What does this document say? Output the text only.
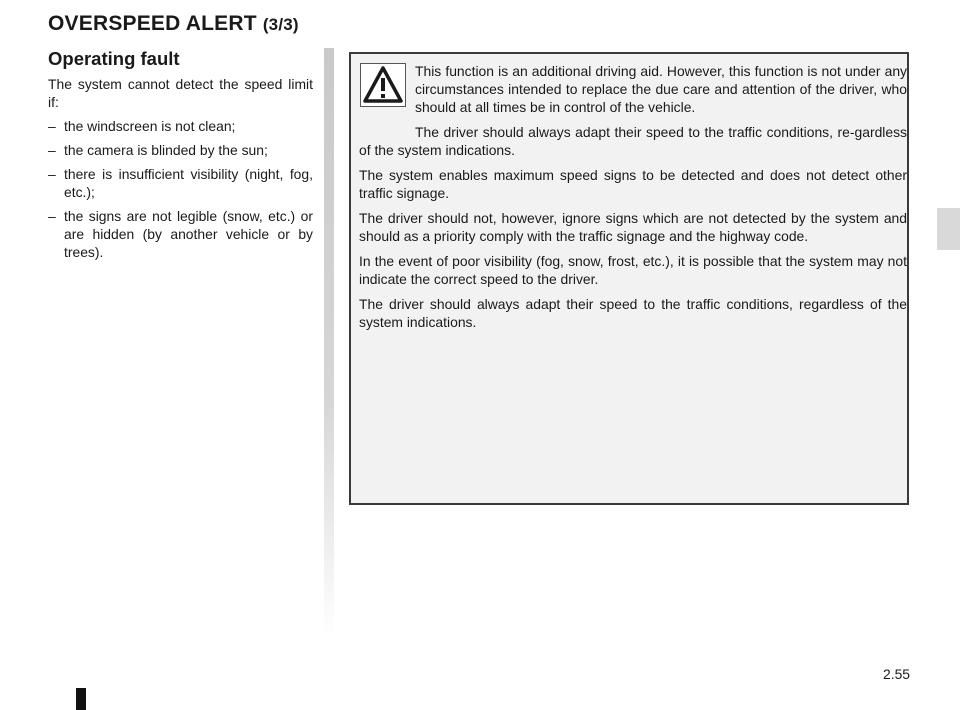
OVERSPEED ALERT (3/3)
Operating fault

The system cannot detect the speed limit if:

– the windscreen is not clean;
– the camera is blinded by the sun;
– there is insufficient visibility (night, fog, etc.);
– the signs are not legible (snow, etc.) or are hidden (by another vehicle or by trees).

This function is an additional driving aid. However, this function is not under any circumstances intended to replace the due care and attention of the driver, who should at all times be in control of the vehicle.

The driver should always adapt their speed to the traffic conditions, re-gardless of the system indications.

The system enables maximum speed signs to be detected and does not detect other traffic signage.

The driver should not, however, ignore signs which are not detected by the system and should as a priority comply with the traffic signage and the highway code.

In the event of poor visibility (fog, snow, frost, etc.), it is possible that the system may not indicate the correct speed to the driver.

The driver should always adapt their speed to the traffic conditions, regardless of the system indications.

2.55
